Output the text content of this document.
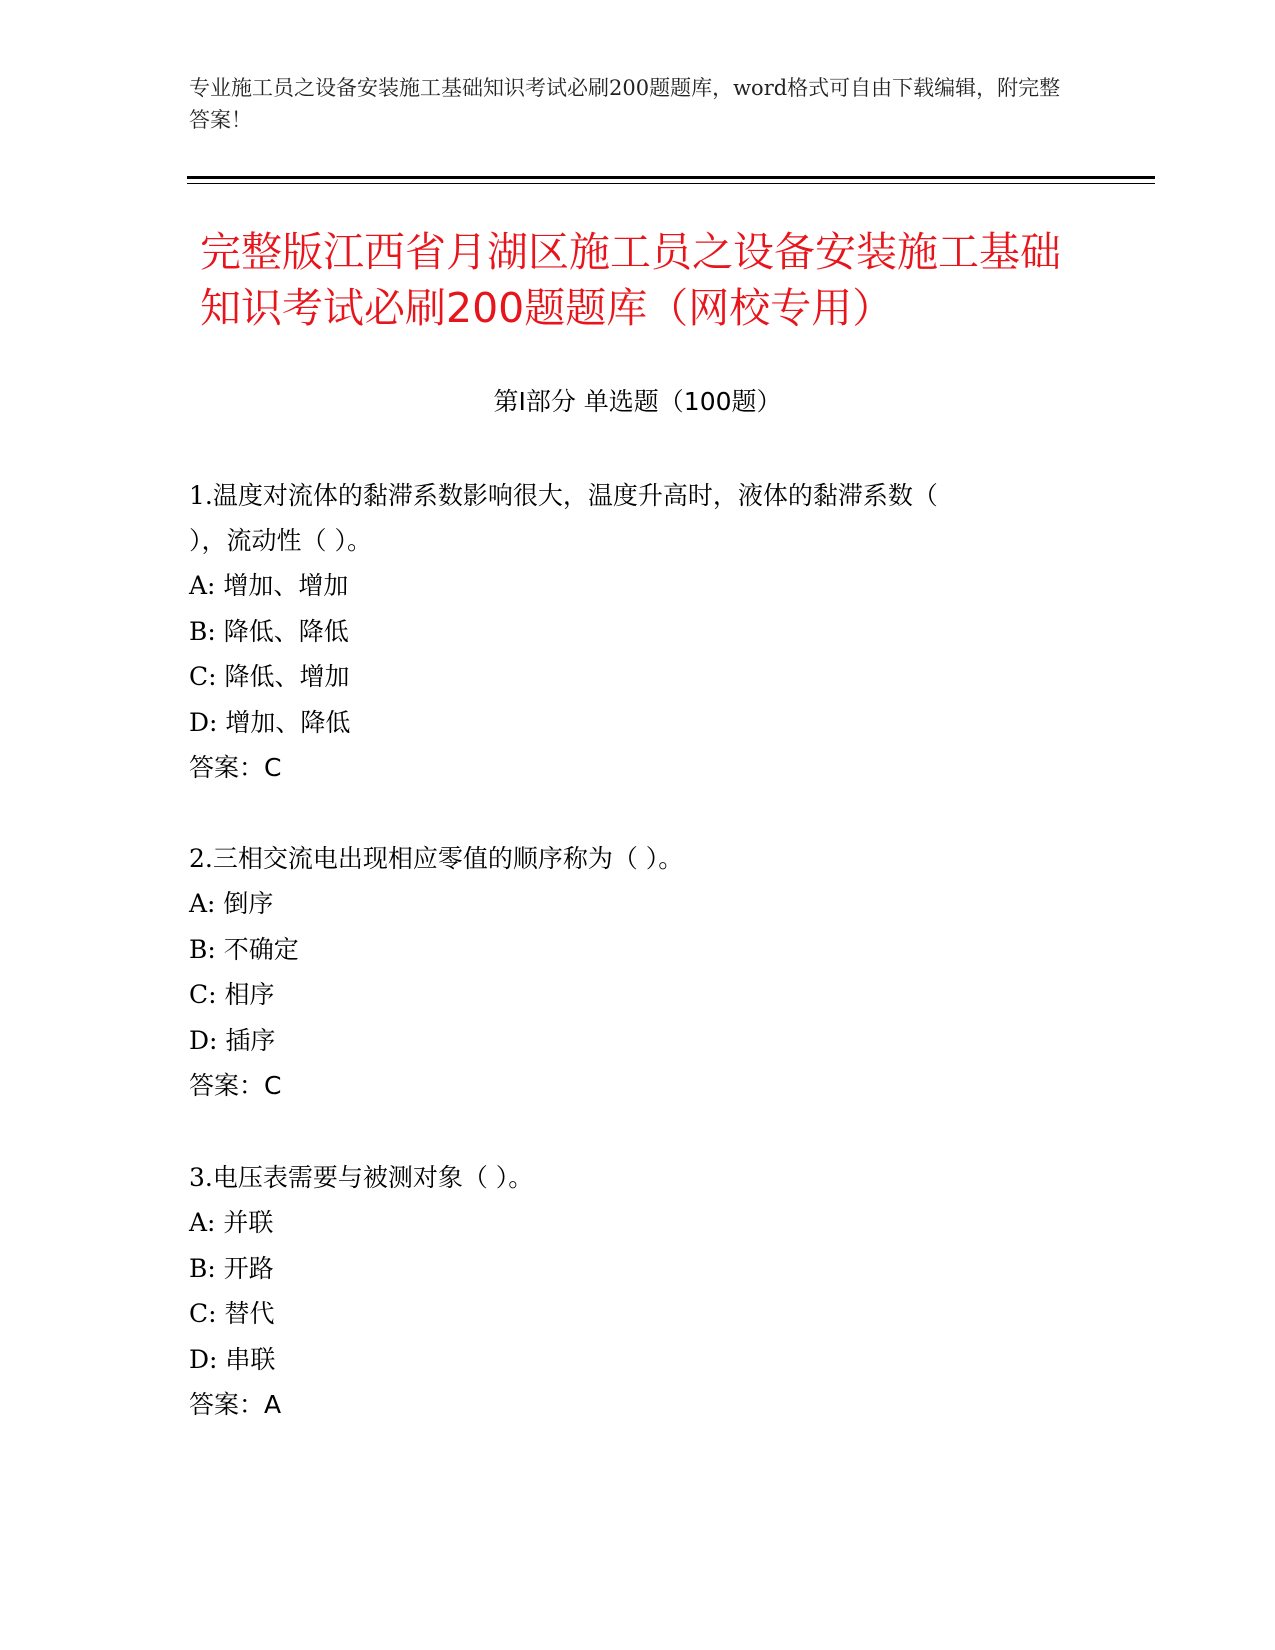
专业施工员之设备安装施工基础知识考试必刷200题题库，word格式可自由下载编辑，附完整答案！
完整版江西省月湖区施工员之设备安装施工基础知识考试必刷200题题库（网校专用）
第Ⅰ部分 单选题（100题）
1.温度对流体的黏滞系数影响很大，温度升高时，液体的黏滞系数（
），流动性（ ）。
A: 增加、增加
B: 降低、降低
C: 降低、增加
D: 增加、降低
答案：C
2.三相交流电出现相应零值的顺序称为（ ）。
A: 倒序
B: 不确定
C: 相序
D: 插序
答案：C
3.电压表需要与被测对象（ ）。
A: 并联
B: 开路
C: 替代
D: 串联
答案：A
